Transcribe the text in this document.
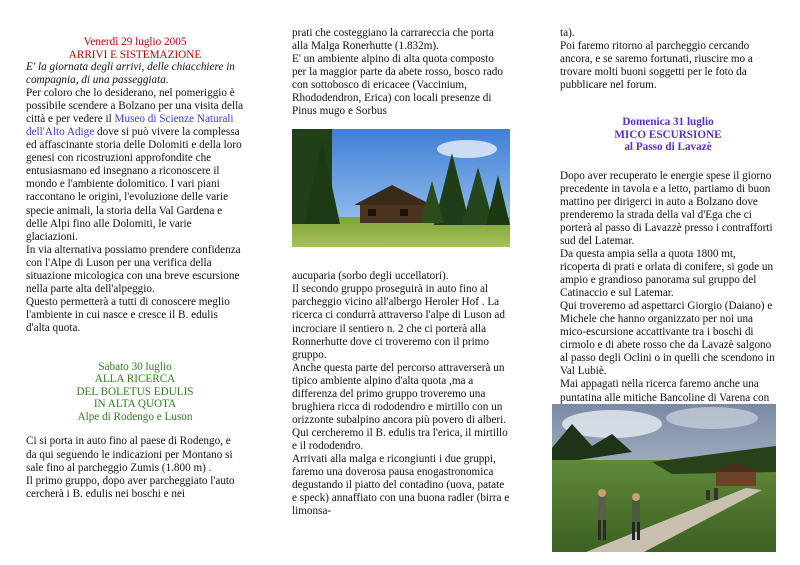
Venerdì 29 luglio 2005
ARRIVI E SISTEMAZIONE

E' la giornata degli arrivi, delle chiacchiere in compagnia, di una passeggiata.

Per coloro che lo desiderano, nel pomeriggio è possibile scendere a Bolzano per una visita della città e per vedere il Museo di Scienze Naturali dell'Alto Adige dove si può vivere la complessa ed affascinante storia delle Dolomiti e della loro genesi con ricostruzioni approfondite che entusiasmano ed insegnano a riconoscere il mondo e l'ambiente dolomitico. I vari piani raccontano le origini, l'evoluzione delle varie specie animali, la storia della Val Gardena e delle Alpi fino alle Dolomiti, le varie glaciazioni.

In via alternativa possiamo prendere confidenza con l'Alpe di Luson per una verifica della situazione micologica con una breve escursione nella parte alta dell'alpeggio.

Questo permetterà a tutti di conoscere meglio l'ambiente in cui nasce e cresce il B. edulis d'alta quota.

Sabato 30 luglio
ALLA RICERCA
DEL BOLETUS EDULIS
IN ALTA QUOTA
Alpe di Rodengo e Luson

Ci si porta in auto fino al paese di Rodengo, e da qui seguendo le indicazioni per Montano si sale fino al parcheggio Zumis (1.800 m) .

Il primo gruppo, dopo aver parcheggiato l'auto cercherà i B. edulis nei boschi e nei

prati che costeggiano la carrareccia che porta alla Malga Ronerhutte (1.832m).

E' un ambiente alpino di alta quota composto per la maggior parte da abete rosso, bosco rado con sottobosco di ericacee (Vaccinium, Rhododendron, Erica) con locali presenze di Pinus mugo e Sorbus

aucuparia (sorbo degli uccellatori).

Il secondo gruppo proseguirà in auto fino al parcheggio vicino all'albergo Heroler Hof . La ricerca ci condurrà attraverso l'alpe di Luson ad incrociare il sentiero n. 2 che ci porterà alla Ronnerhutte dove ci troveremo con il primo gruppo.

Anche questa parte del percorso attraverserà un tipico ambiente alpino d'alta quota ,ma a differenza del primo gruppo troveremo una brughiera ricca di rododendro e mirtillo con un orizzonte subalpino ancora più povero di alberi. Qui cercheremo il B. edulis tra l'erica, il mirtillo e il rododendro.

Arrivati alla malga e ricongiunti i due gruppi, faremo una doverosa pausa enogastronomica degustando il piatto del contadino (uova, patate e speck) annaffiato con una buona radler (birra e limonsa-

ta).

Poi faremo ritorno al parcheggio cercando ancora, e se saremo fortunati, riuscire mo a trovare molti buoni soggetti per le foto da pubblicare nel forum.

Domenica 31 luglio
MICO ESCURSIONE
al Passo di Lavazè

Dopo aver recuperato le energie spese il giorno precedente in tavola e a letto, partiamo di buon mattino per dirigerci in auto a Bolzano dove prenderemo la strada della val d'Ega che ci porterà al passo di Lavazzè presso i contrafforti sud del Latemar.

Da questa ampia sella a quota 1800 mt, ricoperta di prati e orlata di conifere, si gode un ampio e grandioso panorama sul gruppo del Catinaccio e sul Latemar.

Qui troveremo ad aspettarci Giorgio (Daiano) e Michele che hanno organizzato per noi una mico-escursione accattivante tra i boschi di cirmolo e di abete rosso che da Lavazè salgono al passo degli Oclini o in quelli che scendono in Val Lubiè.

Mai appagati nella ricerca faremo anche una puntatina alle mitiche Bancoline di Varena con
